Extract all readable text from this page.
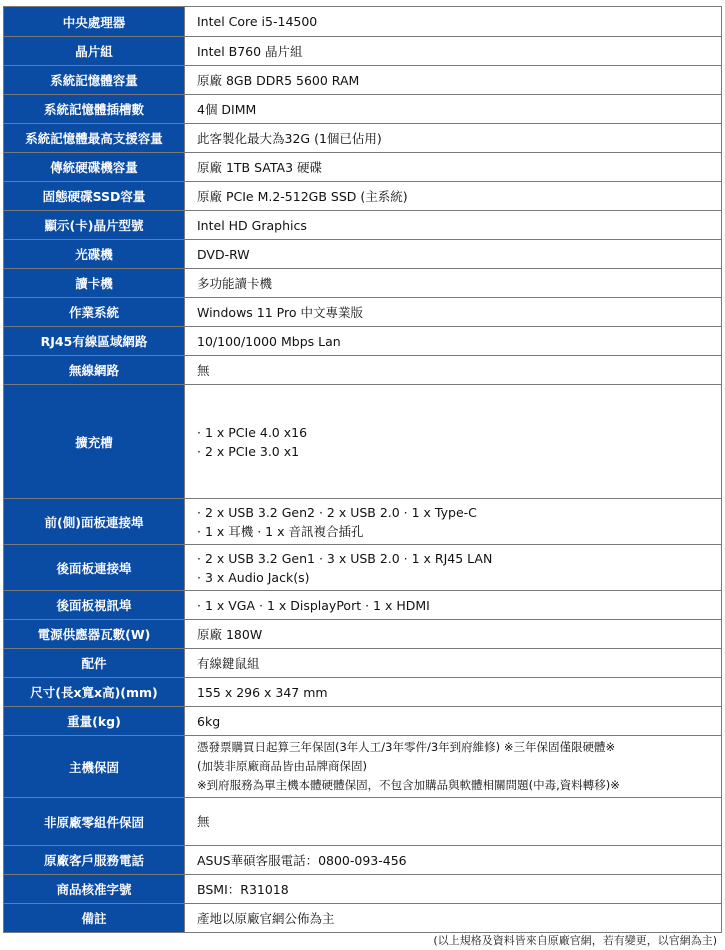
中央處理器	Intel Core i5-14500

晶片組	Intel B760 晶片組

系統記憶體容量	原廠 8GB DDR5 5600 RAM

系統記憶體插槽數	4個 DIMM

系統記憶體最高支援容量	此客製化最大為32G (1個已佔用)

傳統硬碟機容量	原廠 1TB SATA3 硬碟

固態硬碟SSD容量	原廠 PCIe M.2-512GB SSD (主系統)

顯示(卡)晶片型號	Intel HD Graphics

光碟機	DVD-RW

讀卡機	多功能讀卡機

作業系統	Windows 11 Pro 中文專業版

RJ45有線區域網路	10/100/1000 Mbps Lan

無線網路	無

擴充槽	· 1 x PCIe 4.0 x16
· 2 x PCIe 3.0 x1

前(側)面板連接埠	· 2 x USB 3.2 Gen2 · 2 x USB 2.0 · 1 x Type-C
· 1 x 耳機 · 1 x 音訊複合插孔

後面板連接埠	· 2 x USB 3.2 Gen1 · 3 x USB 2.0 · 1 x RJ45 LAN
· 3 x Audio Jack(s)

後面板視訊埠	· 1 x VGA · 1 x DisplayPort · 1 x HDMI

電源供應器瓦數(W)	原廠 180W

配件	有線鍵鼠組

尺寸(長x寬x高)(mm)	155 x 296 x 347 mm

重量(kg)	6kg

主機保固	憑發票購買日起算三年保固(3年人工/3年零件/3年到府維修) ※三年保固僅限硬體※
(加裝非原廠商品皆由品牌商保固)
※到府服務為單主機本體硬體保固，不包含加購品與軟體相關問題(中毒,資料轉移)※

非原廠零組件保固	無

原廠客戶服務電話	ASUS華碩客服電話：0800-093-456

商品核准字號	BSMI：R31018

備註	產地以原廠官網公佈為主
(以上規格及資料皆來自原廠官網，若有變更，以官網為主)
